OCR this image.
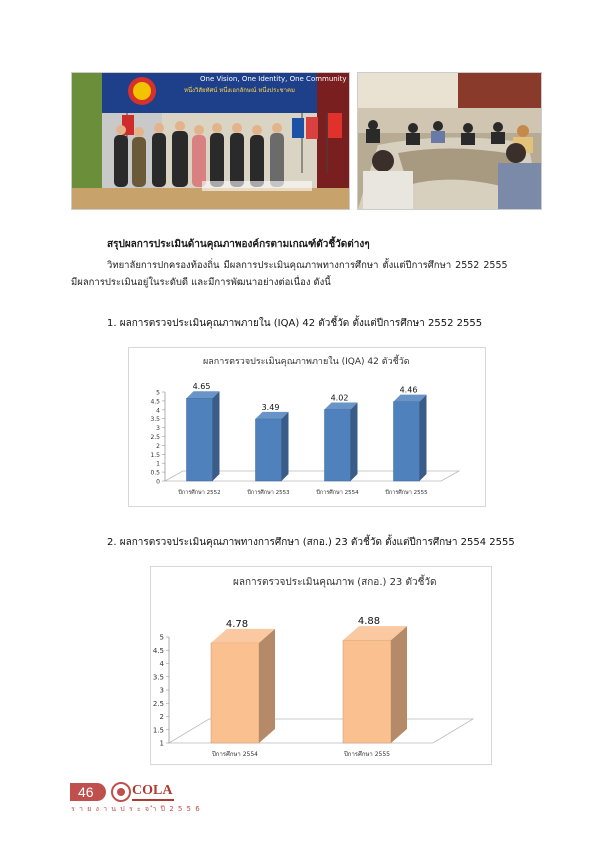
One Vision, One Identity, One Community
หนึ่งวิสัยทัศน์ หนึ่งเอกลักษณ์ หนึ่งประชาคม
สรุปผลการประเมินด้านคุณภาพองค์กรตามเกณฑ์ตัวชี้วัดต่างๆ
วิทยาลัยการปกครองท้องถิ่น มีผลการประเมินคุณภาพทางการศึกษา ตั้งแต่ปีการศึกษา 2552 2555
มีผลการประเมินอยู่ในระดับดี และมีการพัฒนาอย่างต่อเนื่อง ดังนี้
1. ผลการตรวจประเมินคุณภาพภายใน (IQA) 42 ตัวชี้วัด ตั้งแต่ปีการศึกษา 2552 2555
ผลการตรวจประเมินคุณภาพภายใน (IQA) 42 ตัวชี้วัด
0
0.5
1
1.5
2
2.5
3
3.5
4
4.5
5
4.65
ปีการศึกษา 2552
3.49
ปีการศึกษา 2553
4.02
ปีการศึกษา 2554
4.46
ปีการศึกษา 2555
2. ผลการตรวจประเมินคุณภาพทางการศึกษา (สกอ.) 23 ตัวชี้วัด ตั้งแต่ปีการศึกษา 2554 2555
ผลการตรวจประเมินคุณภาพ (สกอ.) 23 ตัวชี้วัด
1
1.5
2
2.5
3
3.5
4
4.5
5
4.78
ปีการศึกษา 2554
4.88
ปีการศึกษา 2555
46	COLA
ร า ย ง า น ป ร ะ จ ำ ปี 2 5 5 6
